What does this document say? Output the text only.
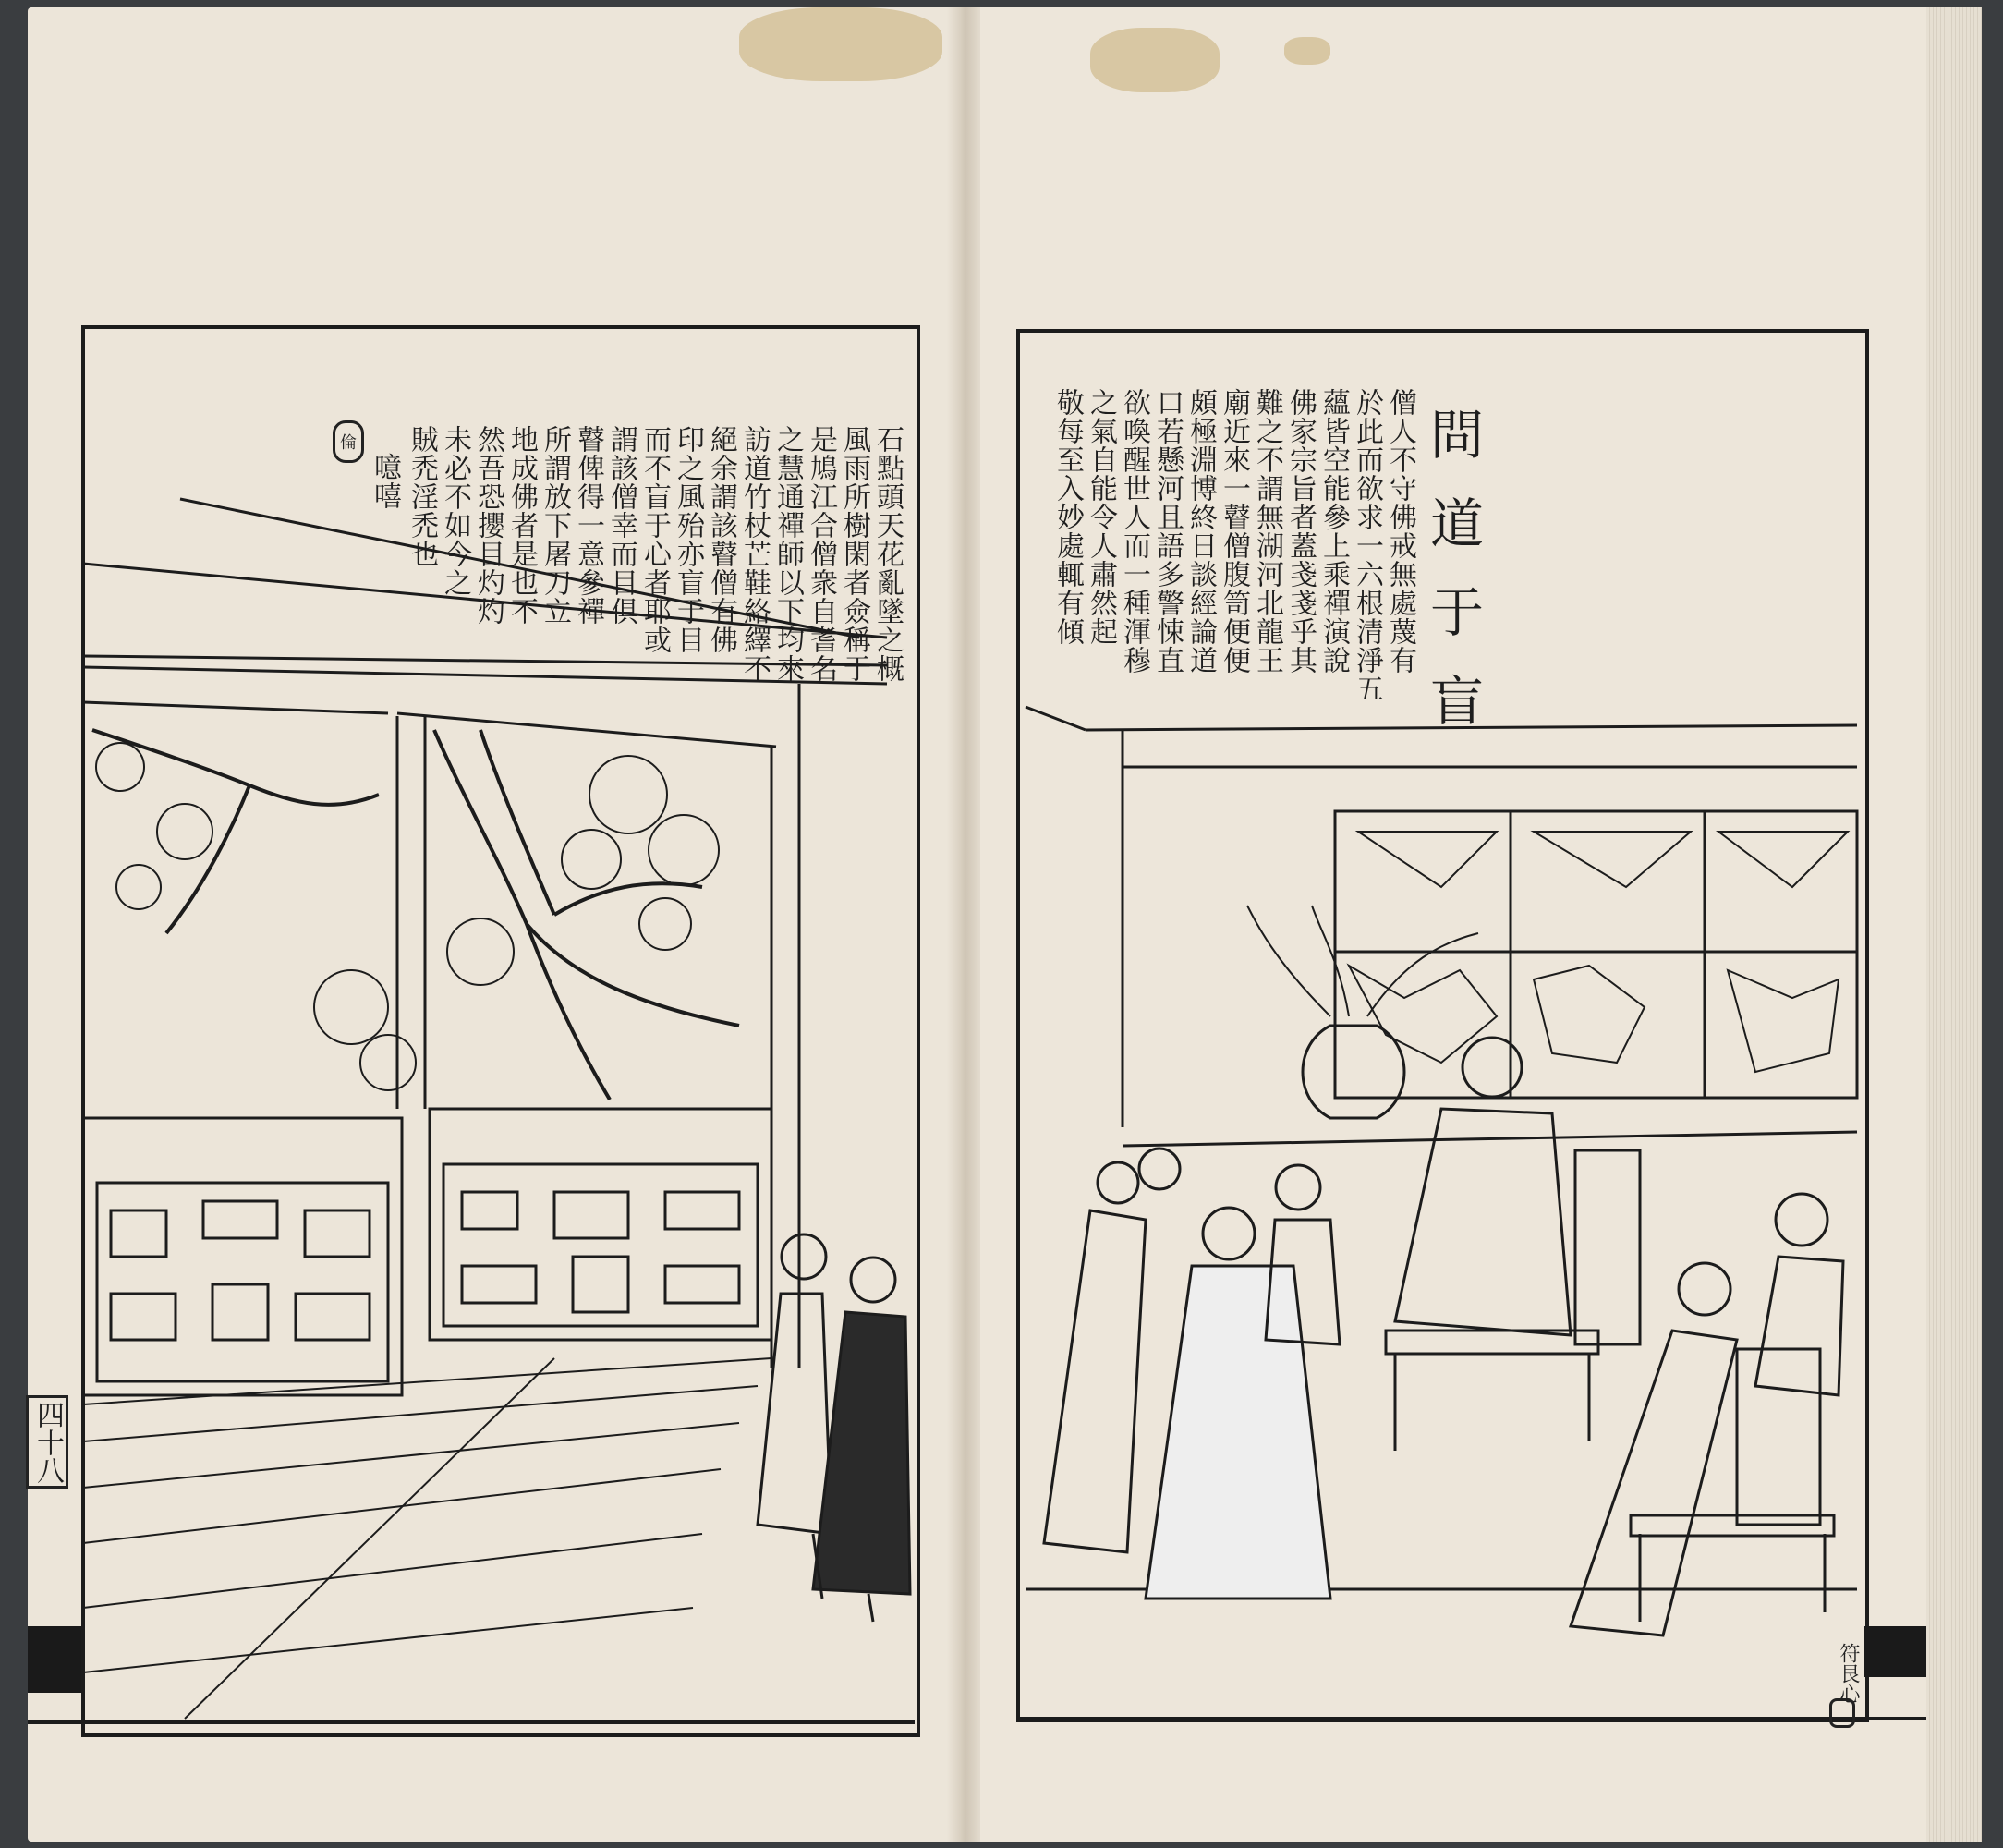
四十八
問道于盲
僧人不守佛戒無處蔑有
於此而欲求一六根清淨五
蘊皆空能參上乘禪演說
佛家宗旨者蓋戔戔乎其
難之不謂無湖河北龍王
廟近來一瞽僧腹笥便便
頗極淵博終日談經論道
口若懸河且語多警悚直
欲喚醒世人而一種渾穆
之氣自能令人肅然起
敬每至入妙處輒有傾
符艮心
石點頭天花亂墜之概
風雨所樹閑者僉稱于
是鳩江合僧衆自耆名
之慧通禪師以下均來
訪道竹杖芒鞋絡繹不
絕余謂該瞽僧有佛
印之風殆亦盲于目
而不盲于心者耶或
謂該僧幸而目俱
瞽俾得一意參禪
所謂放下屠刀立
地成佛者是也不
然吾恐攖目灼灼
未必不如今之
賊禿淫禿也
噫嘻
倫
